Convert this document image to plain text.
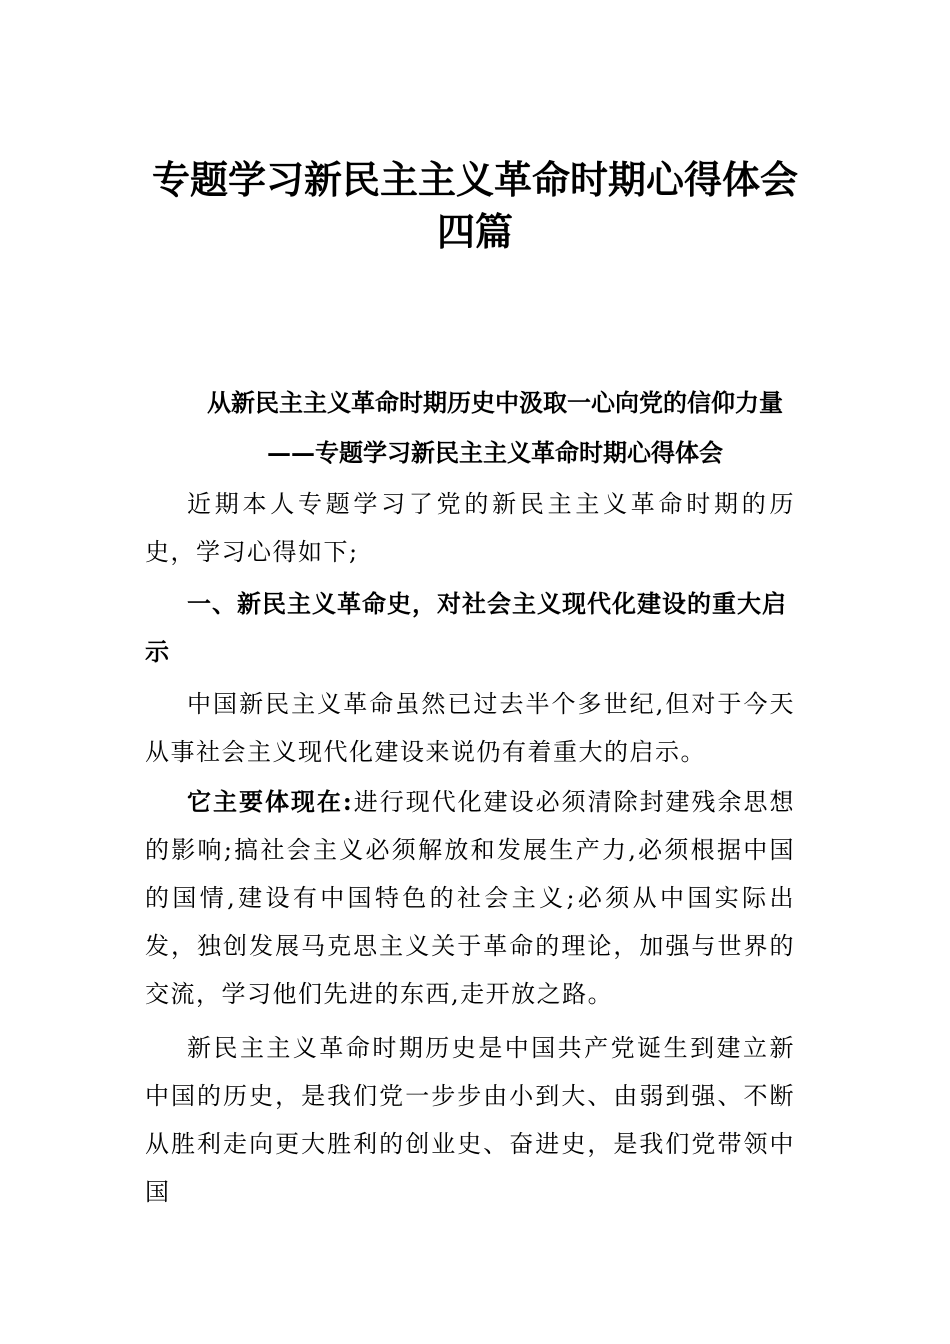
专题学习新民主主义革命时期心得体会四篇
从新民主主义革命时期历史中汲取一心向党的信仰力量
——专题学习新民主主义革命时期心得体会
近期本人专题学习了党的新民主主义革命时期的历史，学习心得如下;
一、新民主义革命史，对社会主义现代化建设的重大启示
中国新民主义革命虽然已过去半个多世纪,但对于今天从事社会主义现代化建设来说仍有着重大的启示。
它主要体现在:进行现代化建设必须清除封建残余思想的影响;搞社会主义必须解放和发展生产力,必须根据中国的国情,建设有中国特色的社会主义;必须从中国实际出发，独创发展马克思主义关于革命的理论，加强与世界的交流，学习他们先进的东西,走开放之路。
新民主主义革命时期历史是中国共产党诞生到建立新中国的历史，是我们党一步步由小到大、由弱到强、不断从胜利走向更大胜利的创业史、奋进史，是我们党带领中国
